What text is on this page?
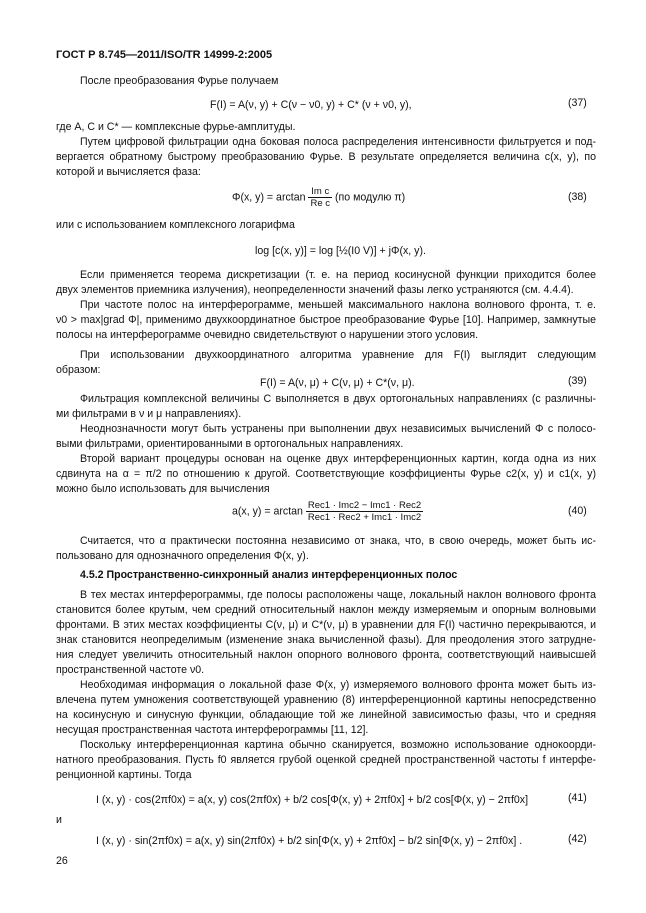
ГОСТ Р 8.745—2011/ISO/TR 14999-2:2005
После преобразования Фурье получаем
F(I) = A(ν, y) + C(ν − ν0, y) + C* (ν + ν0, y),	(37)
где A, C и C* — комплексные фурье-амплитуды.
Путем цифровой фильтрации одна боковая полоса распределения интенсивности фильтруется и под-
вергается обратному быстрому преобразованию Фурье. В результате определяется величина c(x, y), по
которой и вычисляется фаза:
Φ(x, $y) = \arctan \frac{\text{Im c}}{\text{Re c}} (по$ модулю π)	(38)
или с использованием комплексного логарифма
log [c(x, y)] = log [½(I0 V)] + jΦ(x, y).
Если применяется теорема дискретизации (т. е. на период косинусной функции приходится более
двух элементов приемника излучения), неопределенности значений фазы легко устраняются (см. 4.4.4).
При частоте полос на интерферограмме, меньшей максимального наклона волнового фронта, т. е.
ν0 > max|grad Φ|, применимо двухкоординатное быстрое преобразование Фурье [10]. Например, замкнутые
полосы на интерферограмме очевидно свидетельствуют о нарушении этого условия.
При использовании двухкоординатного алгоритма уравнение для F(I) выглядит следующим
образом:
F(I) = A(ν, μ) + C(ν, μ) + C*(ν, μ).	(39)
Фильтрация комплексной величины C выполняется в двух ортогональных направлениях (с различны-
ми фильтрами в ν и μ направлениях).
Неоднозначности могут быть устранены при выполнении двух независимых вычислений Φ с полосо-
выми фильтрами, ориентированными в ортогональных направлениях.
Второй вариант процедуры основан на оценке двух интерференционных картин, когда одна из них
сдвинута на α = π/2 по отношению к другой. Соответствующие коэффициенты Фурье c2(x, y) и c1(x, y)
можно было использовать для вычисления
a(x, $y) = \arctan \frac{\text{Rec1 · Imc2 − Imc1 · Rec2}}{\text{Rec1 · Rec2 + Imc1 · Imc2}}$	(40)
Считается, что α практически постоянна независимо от знака, что, в свою очередь, может быть ис-
пользовано для однозначного определения Φ(x, y).
4.5.2 Пространственно-синхронный анализ интерференционных полос
В тех местах интерферограммы, где полосы расположены чаще, локальный наклон волнового фронта
становится более крутым, чем средний относительный наклон между измеряемым и опорным волновыми
фронтами. В этих местах коэффициенты C(ν, μ) и C*(ν, μ) в уравнении для F(I) частично перекрываются, и
знак становится неопределимым (изменение знака вычисленной фазы). Для преодоления этого затрудне-
ния следует увеличить относительный наклон опорного волнового фронта, соответствующий наивысшей
пространственной частоте ν0.
Необходимая информация о локальной фазе Φ(x, y) измеряемого волнового фронта может быть из-
влечена путем умножения соответствующей уравнению (8) интерференционной картины непосредственно
на косинусную и синусную функции, обладающие той же линейной зависимостью фазы, что и средняя
несущая пространственная частота интерферограммы [11, 12].
Поскольку интерференционная картина обычно сканируется, возможно использование однокоорди-
натного преобразования. Пусть f0 является грубой оценкой средней пространственной частоты f интерфе-
ренционной картины. Тогда
I (x, y) · cos(2πf0x) = a(x, y) cos(2πf0x) + b/2 cos[Φ(x, y) + 2πf0x] + b/2 cos[Φ(x, y) − 2πf0x]	(41)
и
I (x, y) · sin(2πf0x) = a(x, y) sin(2πf0x) + b/2 sin[Φ(x, y) + 2πf0x] − b/2 sin[Φ(x, y) − 2πf0x] .	(42)
26
